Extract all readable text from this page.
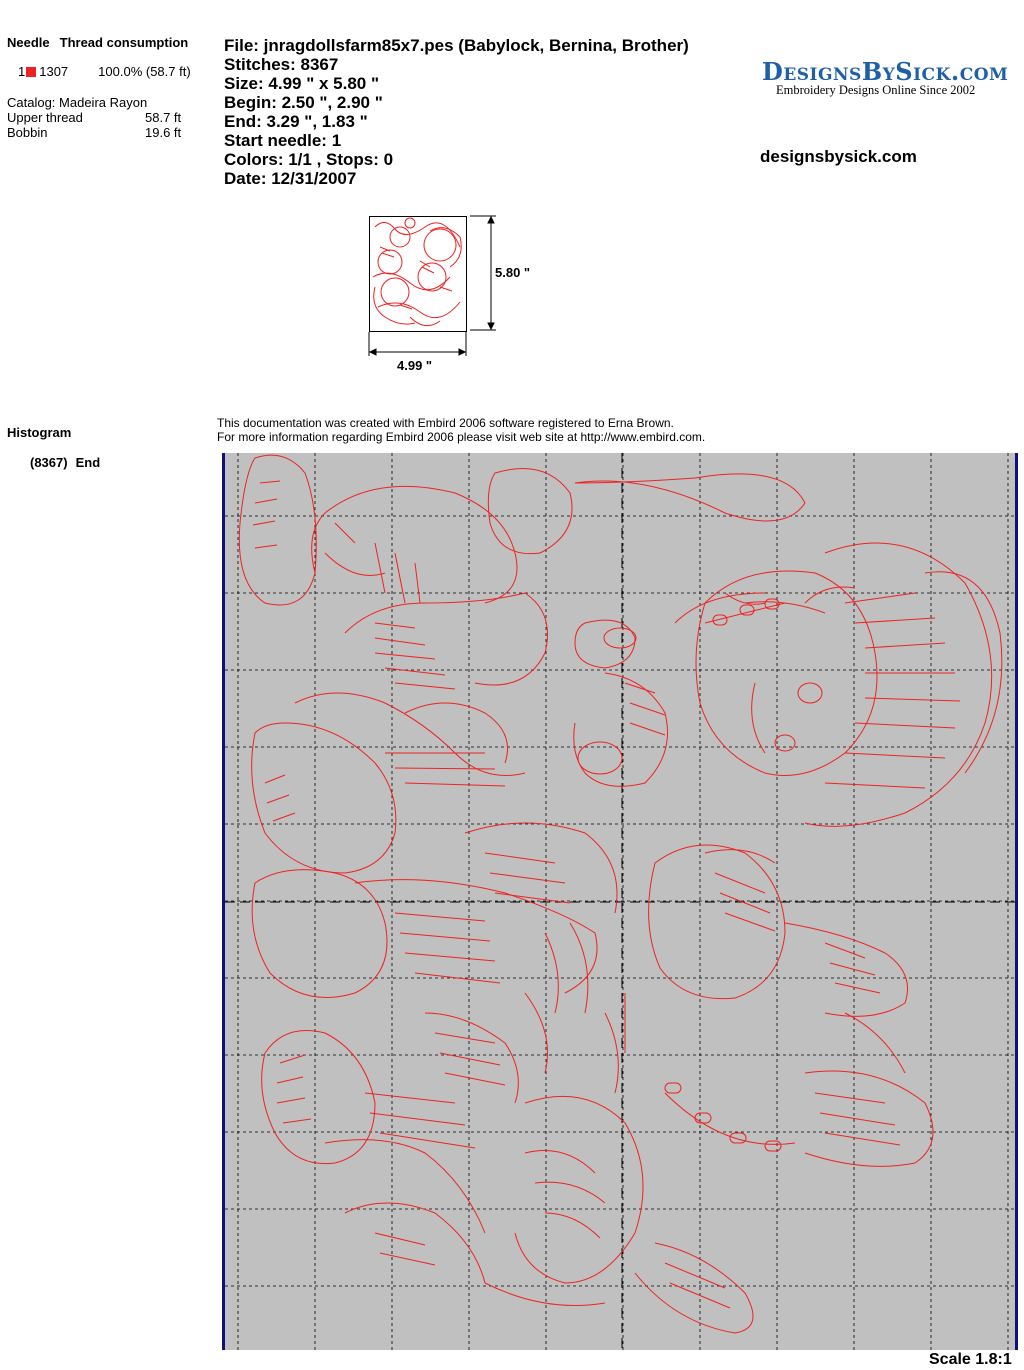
Needle Thread consumption
1 1307 100.0% (58.7 ft)
Catalog: Madeira Rayon
Upper thread	58.7 ft
Bobbin	19.6 ft
File: jnragdollsfarm85x7.pes (Babylock, Bernina, Brother)
Stitches: 8367
Size: 4.99 " x 5.80 "
Begin: 2.50 ", 2.90 "
End: 3.29 ", 1.83 "
Start needle: 1
Colors: 1/1 , Stops: 0
Date: 12/31/2007
DesignsBySick.com
Embroidery Designs Online Since 2002
designsbysick.com
4.99 "
5.80 "
Histogram
(8367) End
This documentation was created with Embird 2006 software registered to Erna Brown.
For more information regarding Embird 2006 please visit web site at http://www.embird.com.
Scale 1.8:1
